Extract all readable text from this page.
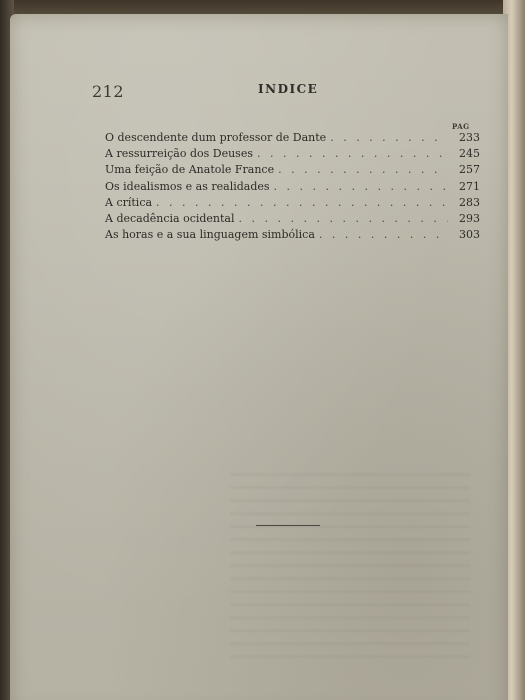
212	INDICE
PAG
O descendente dum professor de Dante . . .	233
A ressurreição dos Deuses . . .	245
Uma feição de Anatole France . . .	257
Os idealismos e as realidades . . .	271
A crítica . . .	283
A decadência ocidental . . .	293
As horas e a sua linguagem simbólica . . .	303
